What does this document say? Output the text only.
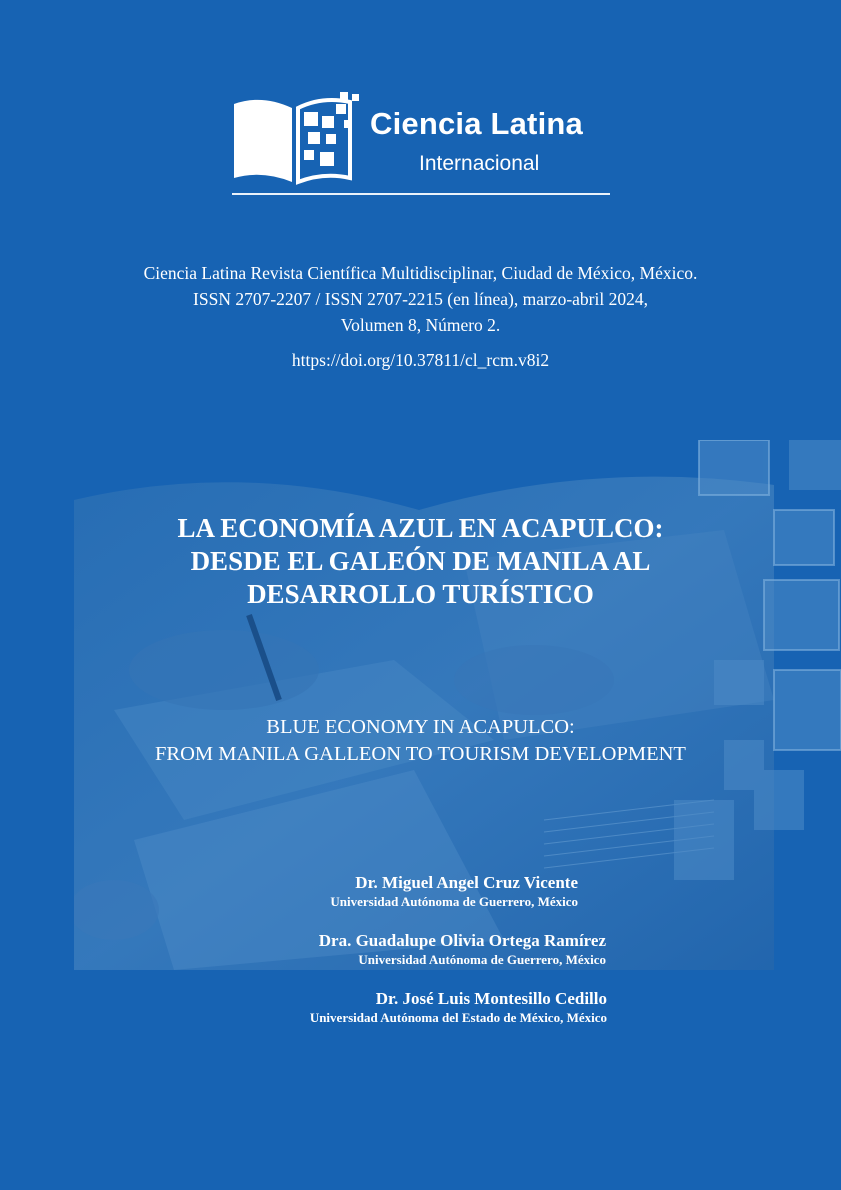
Ciencia Latina
Internacional
Ciencia Latina Revista Científica Multidisciplinar, Ciudad de México, México.
ISSN 2707-2207 / ISSN 2707-2215 (en línea), marzo-abril 2024,
Volumen 8, Número 2.
https://doi.org/10.37811/cl_rcm.v8i2
LA ECONOMÍA AZUL EN ACAPULCO:
DESDE EL GALEÓN DE MANILA AL
DESARROLLO TURÍSTICO
BLUE ECONOMY IN ACAPULCO:
FROM MANILA GALLEON TO TOURISM DEVELOPMENT
Dr. Miguel Angel Cruz Vicente
Universidad Autónoma de Guerrero, México
Dra. Guadalupe Olivia Ortega Ramírez
Universidad Autónoma de Guerrero, México
Dr. José Luis Montesillo Cedillo
Universidad Autónoma del Estado de México, México
